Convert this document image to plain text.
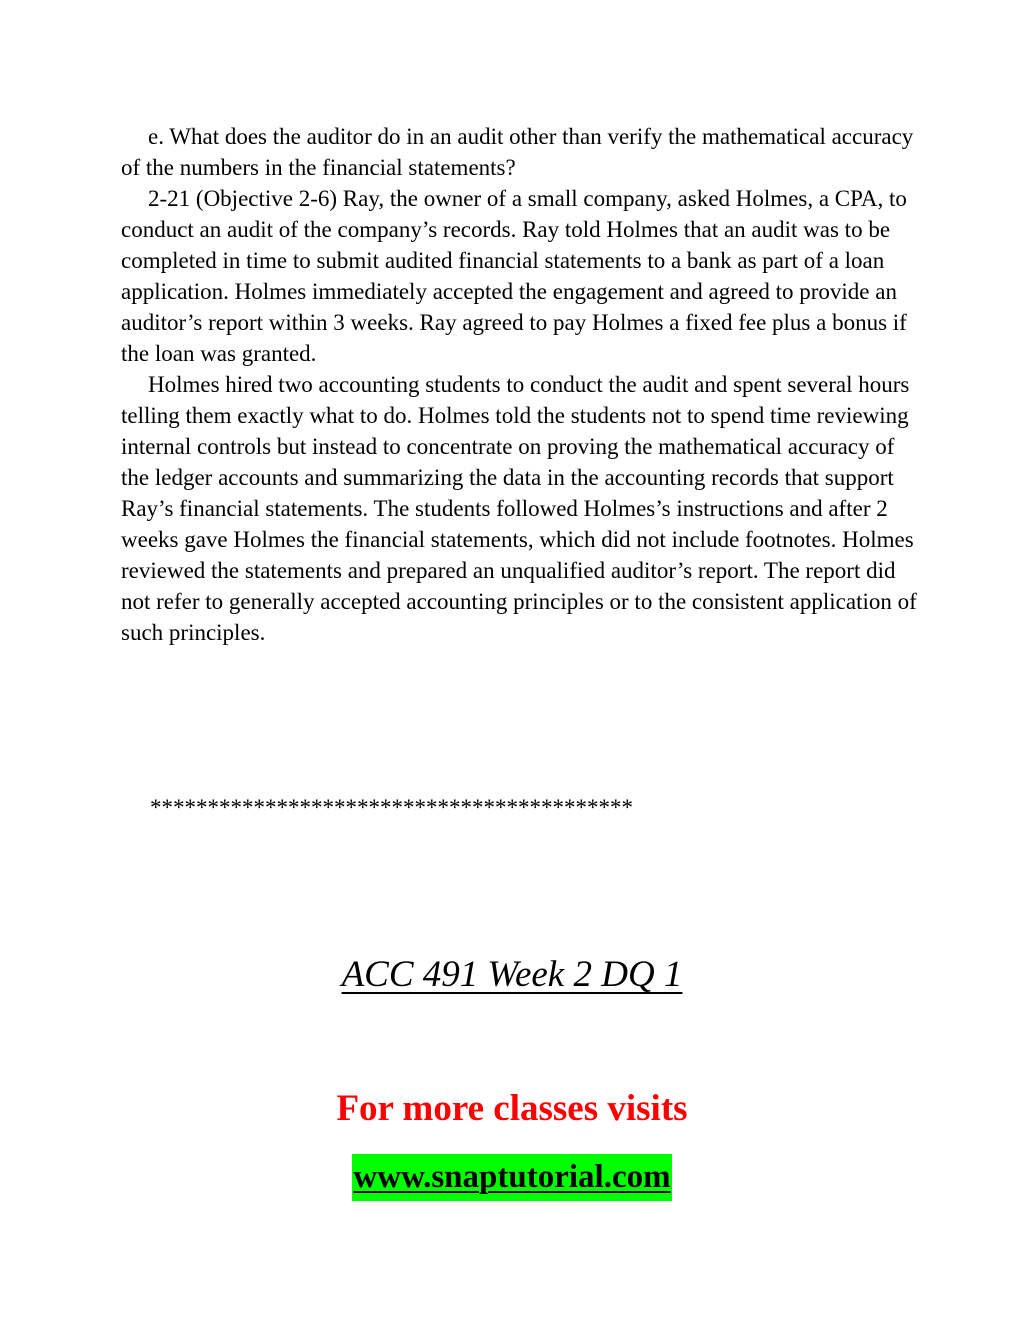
e. What does the auditor do in an audit other than verify the mathematical accuracy of the numbers in the financial statements?

2-21 (Objective 2-6) Ray, the owner of a small company, asked Holmes, a CPA, to conduct an audit of the company’s records. Ray told Holmes that an audit was to be completed in time to submit audited financial statements to a bank as part of a loan application. Holmes immediately accepted the engagement and agreed to provide an auditor’s report within 3 weeks. Ray agreed to pay Holmes a fixed fee plus a bonus if the loan was granted.

Holmes hired two accounting students to conduct the audit and spent several hours telling them exactly what to do. Holmes told the students not to spend time reviewing internal controls but instead to concentrate on proving the mathematical accuracy of the ledger accounts and summarizing the data in the accounting records that support Ray’s financial statements. The students followed Holmes’s instructions and after 2 weeks gave Holmes the financial statements, which did not include footnotes. Holmes reviewed the statements and prepared an unqualified auditor’s report. The report did not refer to generally accepted accounting principles or to the consistent application of such principles.

******************************************
ACC 491 Week 2 DQ 1
For more classes visits
www.snaptutorial.com
